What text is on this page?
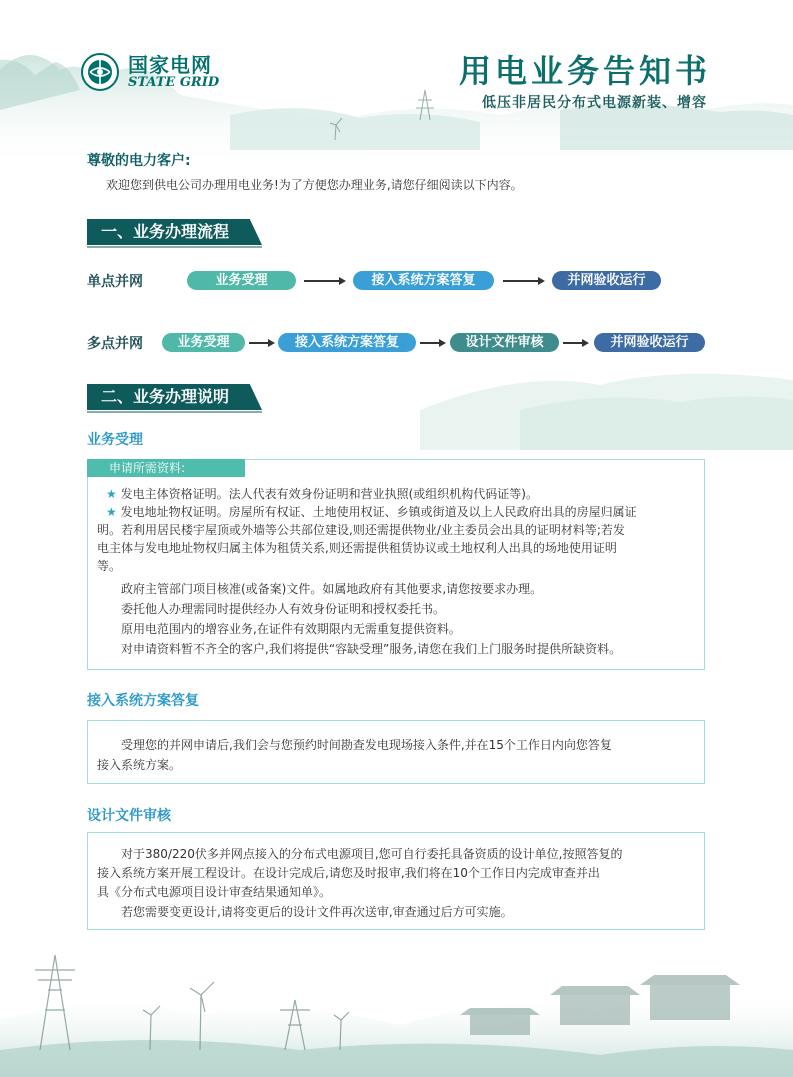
国家电网
STATE GRID	用电业务告知书
低压非居民分布式电源新装、增容
尊敬的电力客户:
欢迎您到供电公司办理用电业务!为了方便您办理业务,请您仔细阅读以下内容。
一、业务办理流程
单点并网	业务受理	接入系统方案答复	并网验收运行
多点并网	业务受理	接入系统方案答复	设计文件审核	并网验收运行
二、业务办理说明
业务受理
申请所需资料:
★ 发电主体资格证明。法人代表有效身份证明和营业执照(或组织机构代码证等)。
★ 发电地址物权证明。房屋所有权证、土地使用权证、乡镇或街道及以上人民政府出具的房屋归属证
明。若利用居民楼宇屋顶或外墙等公共部位建设,则还需提供物业/业主委员会出具的证明材料等;若发
电主体与发电地址物权归属主体为租赁关系,则还需提供租赁协议或土地权利人出具的场地使用证明
等。
政府主管部门项目核准(或备案)文件。如属地政府有其他要求,请您按要求办理。
委托他人办理需同时提供经办人有效身份证明和授权委托书。
原用电范围内的增容业务,在证件有效期限内无需重复提供资料。
对申请资料暂不齐全的客户,我们将提供“容缺受理”服务,请您在我们上门服务时提供所缺资料。
接入系统方案答复
受理您的并网申请后,我们会与您预约时间勘查发电现场接入条件,并在15个工作日内向您答复
接入系统方案。
设计文件审核
对于380/220伏多并网点接入的分布式电源项目,您可自行委托具备资质的设计单位,按照答复的
接入系统方案开展工程设计。在设计完成后,请您及时报审,我们将在10个工作日内完成审查并出
具《分布式电源项目设计审查结果通知单》。
若您需要变更设计,请将变更后的设计文件再次送审,审查通过后方可实施。
